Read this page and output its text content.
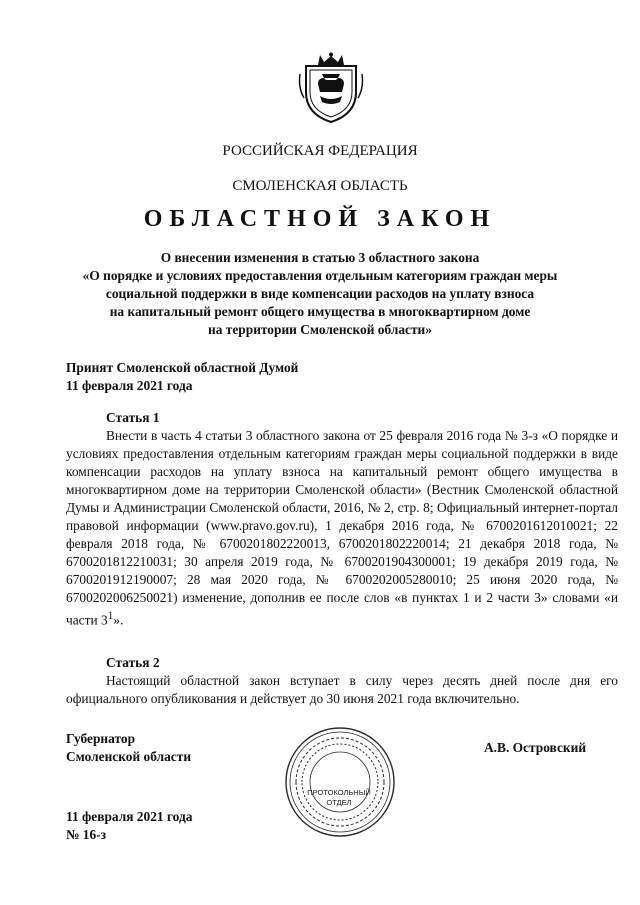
РОССИЙСКАЯ ФЕДЕРАЦИЯ
СМОЛЕНСКАЯ ОБЛАСТЬ
ОБЛАСТНОЙ ЗАКОН
О внесении изменения в статью 3 областного закона
«О порядке и условиях предоставления отдельным категориям граждан меры
социальной поддержки в виде компенсации расходов на уплату взноса
на капитальный ремонт общего имущества в многоквартирном доме
на территории Смоленской области»
Принят Смоленской областной Думой
11 февраля 2021 года
Статья 1
Внести в часть 4 статьи 3 областного закона от 25 февраля 2016 года № 3-з «О порядке и условиях предоставления отдельным категориям граждан меры социальной поддержки в виде компенсации расходов на уплату взноса на капитальный ремонт общего имущества в многоквартирном доме на территории Смоленской области» (Вестник Смоленской областной Думы и Администрации Смоленской области, 2016, № 2, стр. 8; Официальный интернет-портал правовой информации (www.pravo.gov.ru), 1 декабря 2016 года, № 6700201612010021; 22 февраля 2018 года, № 6700201802220013, 6700201802220014; 21 декабря 2018 года, № 6700201812210031; 30 апреля 2019 года, № 6700201904300001; 19 декабря 2019 года, № 6700201912190007; 28 мая 2020 года, № 6700202005280010; 25 июня 2020 года, № 6700202006250021) изменение, дополнив ее после слов «в пунктах 1 и 2 части 3» словами «и части $3^1$».
Статья 2
Настоящий областной закон вступает в силу через десять дней после дня его официального опубликования и действует до 30 июня 2021 года включительно.
Губернатор
Смоленской области
ПРОТОКОЛЬНЫЙ
ОТДЕЛ
А.В. Островский
11 февраля 2021 года
№ 16-з
